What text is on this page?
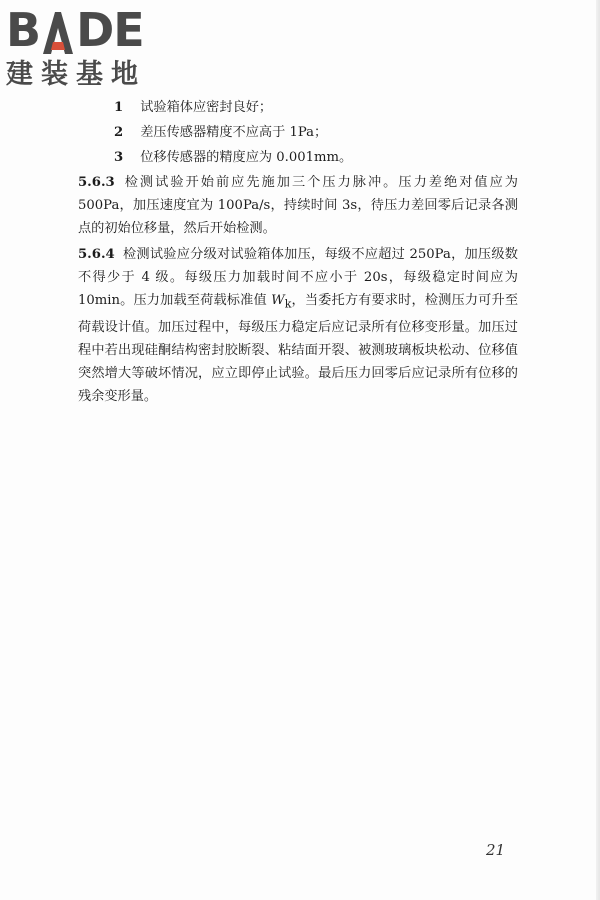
B D E
建装基地
1 试验箱体应密封良好；
2 差压传感器精度不应高于 1Pa；
3 位移传感器的精度应为 0.001mm。

5.6.3 检测试验开始前应先施加三个压力脉冲。压力差绝对值应为 500Pa，加压速度宜为 100Pa/s，持续时间 3s，待压力差回零后记录各测点的初始位移量，然后开始检测。

5.6.4 检测试验应分级对试验箱体加压，每级不应超过 250Pa，加压级数不得少于 4 级。每级压力加载时间不应小于 20s，每级稳定时间应为 10min。压力加载至荷载标准值 $W_k$，当委托方有要求时，检测压力可升至荷载设计值。加压过程中，每级压力稳定后应记录所有位移变形量。加压过程中若出现硅酮结构密封胶断裂、粘结面开裂、被测玻璃板块松动、位移值突然增大等破坏情况，应立即停止试验。最后压力回零后应记录所有位移的残余变形量。

21
